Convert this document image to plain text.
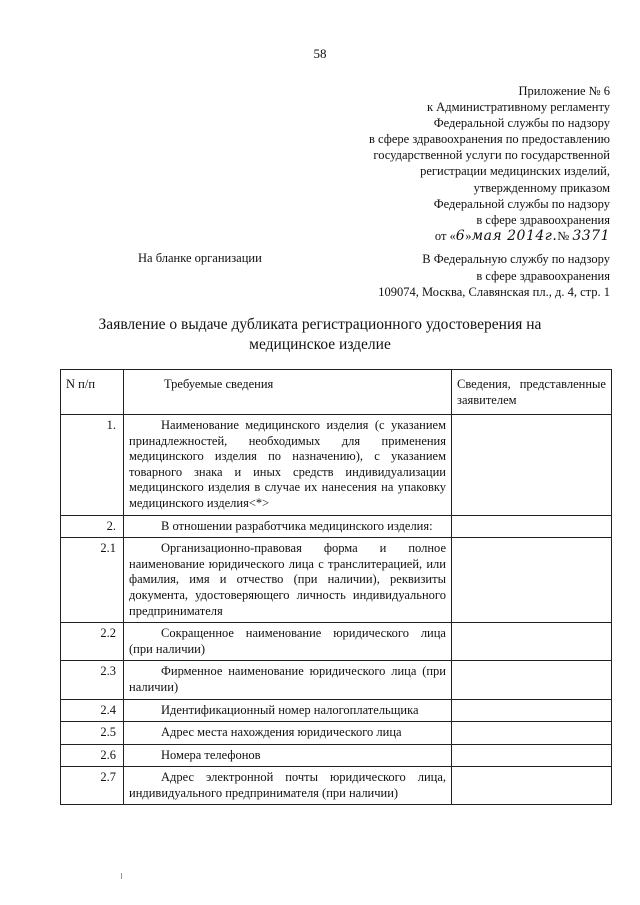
58
Приложение № 6
к Административному регламенту
Федеральной службы по надзору
в сфере здравоохранения по предоставлению
государственной услуги по государственной
регистрации медицинских изделий,
утвержденному приказом
Федеральной службы по надзору
в сфере здравоохранения
от «6»мая 2014г.№ 3371
На бланке организации	В Федеральную службу по надзору
в сфере здравоохранения
109074, Москва, Славянская пл., д. 4, стр. 1
Заявление о выдаче дубликата регистрационного удостоверения на медицинское изделие
N п/п	Требуемые сведения	Сведения, представленные заявителем
1.	Наименование медицинского изделия (с указанием принадлежностей, необходимых для применения медицинского изделия по назначению), с указанием товарного знака и иных средств индивидуализации медицинского изделия в случае их нанесения на упаковку медицинского изделия<*>	
2.	В отношении разработчика медицинского изделия:	
2.1	Организационно-правовая форма и полное наименование юридического лица с транслитерацией, или фамилия, имя и отчество (при наличии), реквизиты документа, удостоверяющего личность индивидуального предпринимателя	
2.2	Сокращенное наименование юридического лица (при наличии)	
2.3	Фирменное наименование юридического лица (при наличии)	
2.4	Идентификационный номер налогоплательщика	
2.5	Адрес места нахождения юридического лица	
2.6	Номера телефонов	
2.7	Адрес электронной почты юридического лица, индивидуального предпринимателя (при наличии)	
